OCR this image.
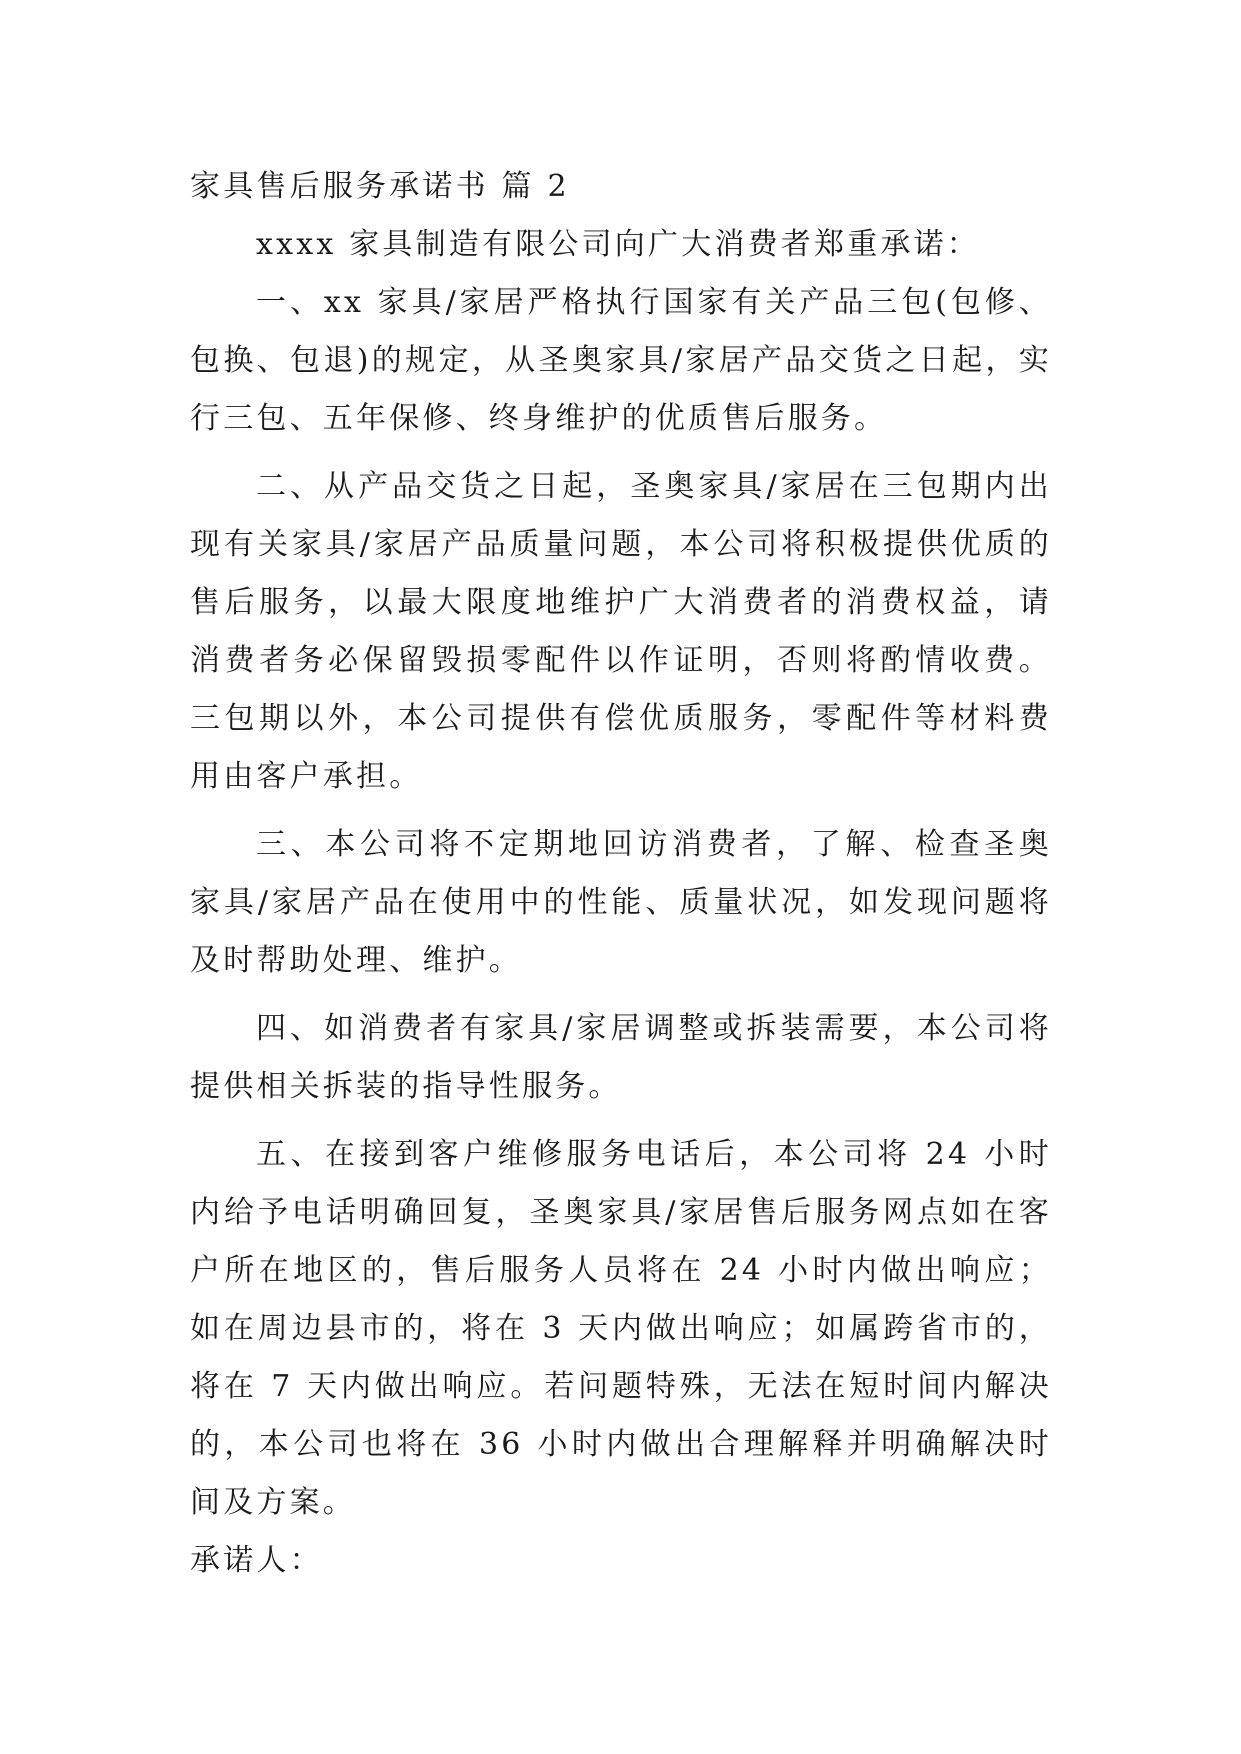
家具售后服务承诺书 篇 2

xxxx 家具制造有限公司向广大消费者郑重承诺：

一、xx 家具/家居严格执行国家有关产品三包(包修、包换、包退)的规定，从圣奥家具/家居产品交货之日起，实行三包、五年保修、终身维护的优质售后服务。

二、从产品交货之日起，圣奥家具/家居在三包期内出现有关家具/家居产品质量问题，本公司将积极提供优质的售后服务，以最大限度地维护广大消费者的消费权益，请消费者务必保留毁损零配件以作证明，否则将酌情收费。三包期以外，本公司提供有偿优质服务，零配件等材料费用由客户承担。

三、本公司将不定期地回访消费者，了解、检查圣奥家具/家居产品在使用中的性能、质量状况，如发现问题将及时帮助处理、维护。

四、如消费者有家具/家居调整或拆装需要，本公司将提供相关拆装的指导性服务。

五、在接到客户维修服务电话后，本公司将 24 小时内给予电话明确回复，圣奥家具/家居售后服务网点如在客户所在地区的，售后服务人员将在 24 小时内做出响应；如在周边县市的，将在 3 天内做出响应；如属跨省市的，将在 7 天内做出响应。若问题特殊，无法在短时间内解决的，本公司也将在 36 小时内做出合理解释并明确解决时间及方案。

承诺人：
